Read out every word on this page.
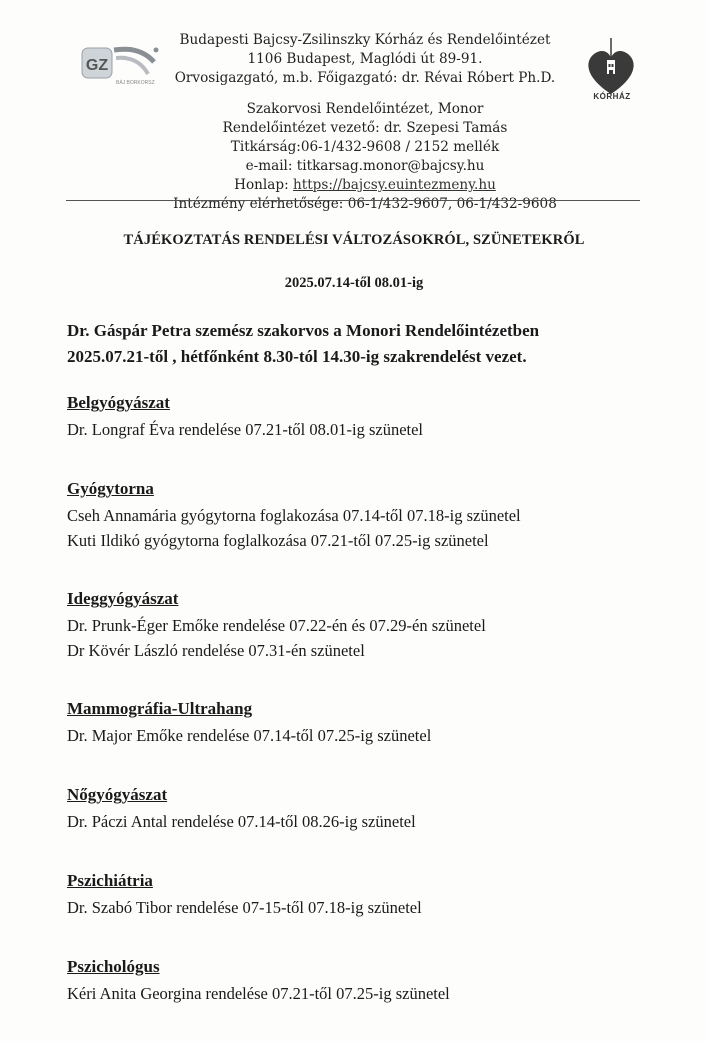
GZ
BÁJ BORKORSZ
KÓRHÁZ
Budapesti Bajcsy-Zsilinszky Kórház és Rendelőintézet
1106 Budapest, Maglódi út 89-91.
Orvosigazgató, m.b. Főigazgató: dr. Révai Róbert Ph.D.
Szakorvosi Rendelőintézet, Monor
Rendelőintézet vezető: dr. Szepesi Tamás
Titkárság:06-1/432-9608 / 2152 mellék
e-mail: titkarsag.monor@bajcsy.hu
Honlap: https://bajcsy.euintezmeny.hu
Intézmény elérhetősége: 06-1/432-9607, 06-1/432-9608
TÁJÉKOZTATÁS RENDELÉSI VÁLTOZÁSOKRÓL, SZÜNETEKRŐL
2025.07.14-től 08.01-ig
Dr. Gáspár Petra szemész szakorvos a Monori Rendelőintézetben
2025.07.21-től , hétfőnként 8.30-tól 14.30-ig szakrendelést vezet.
Belgyógyászat

Dr. Longraf Éva rendelése 07.21-től 08.01-ig szünetel

Gyógytorna

Cseh Annamária gyógytorna foglakozása 07.14-től 07.18-ig szünetel

Kuti Ildikó gyógytorna foglalkozása 07.21-től 07.25-ig szünetel

Ideggyógyászat

Dr. Prunk-Éger Emőke rendelése 07.22-én és 07.29-én szünetel

Dr Kövér László rendelése 07.31-én szünetel

Mammográfia-Ultrahang

Dr. Major Emőke rendelése 07.14-től 07.25-ig szünetel

Nőgyógyászat

Dr. Páczi Antal rendelése 07.14-től 08.26-ig szünetel

Pszichiátria

Dr. Szabó Tibor rendelése 07-15-től 07.18-ig szünetel

Pszichológus

Kéri Anita Georgina rendelése 07.21-től 07.25-ig szünetel
